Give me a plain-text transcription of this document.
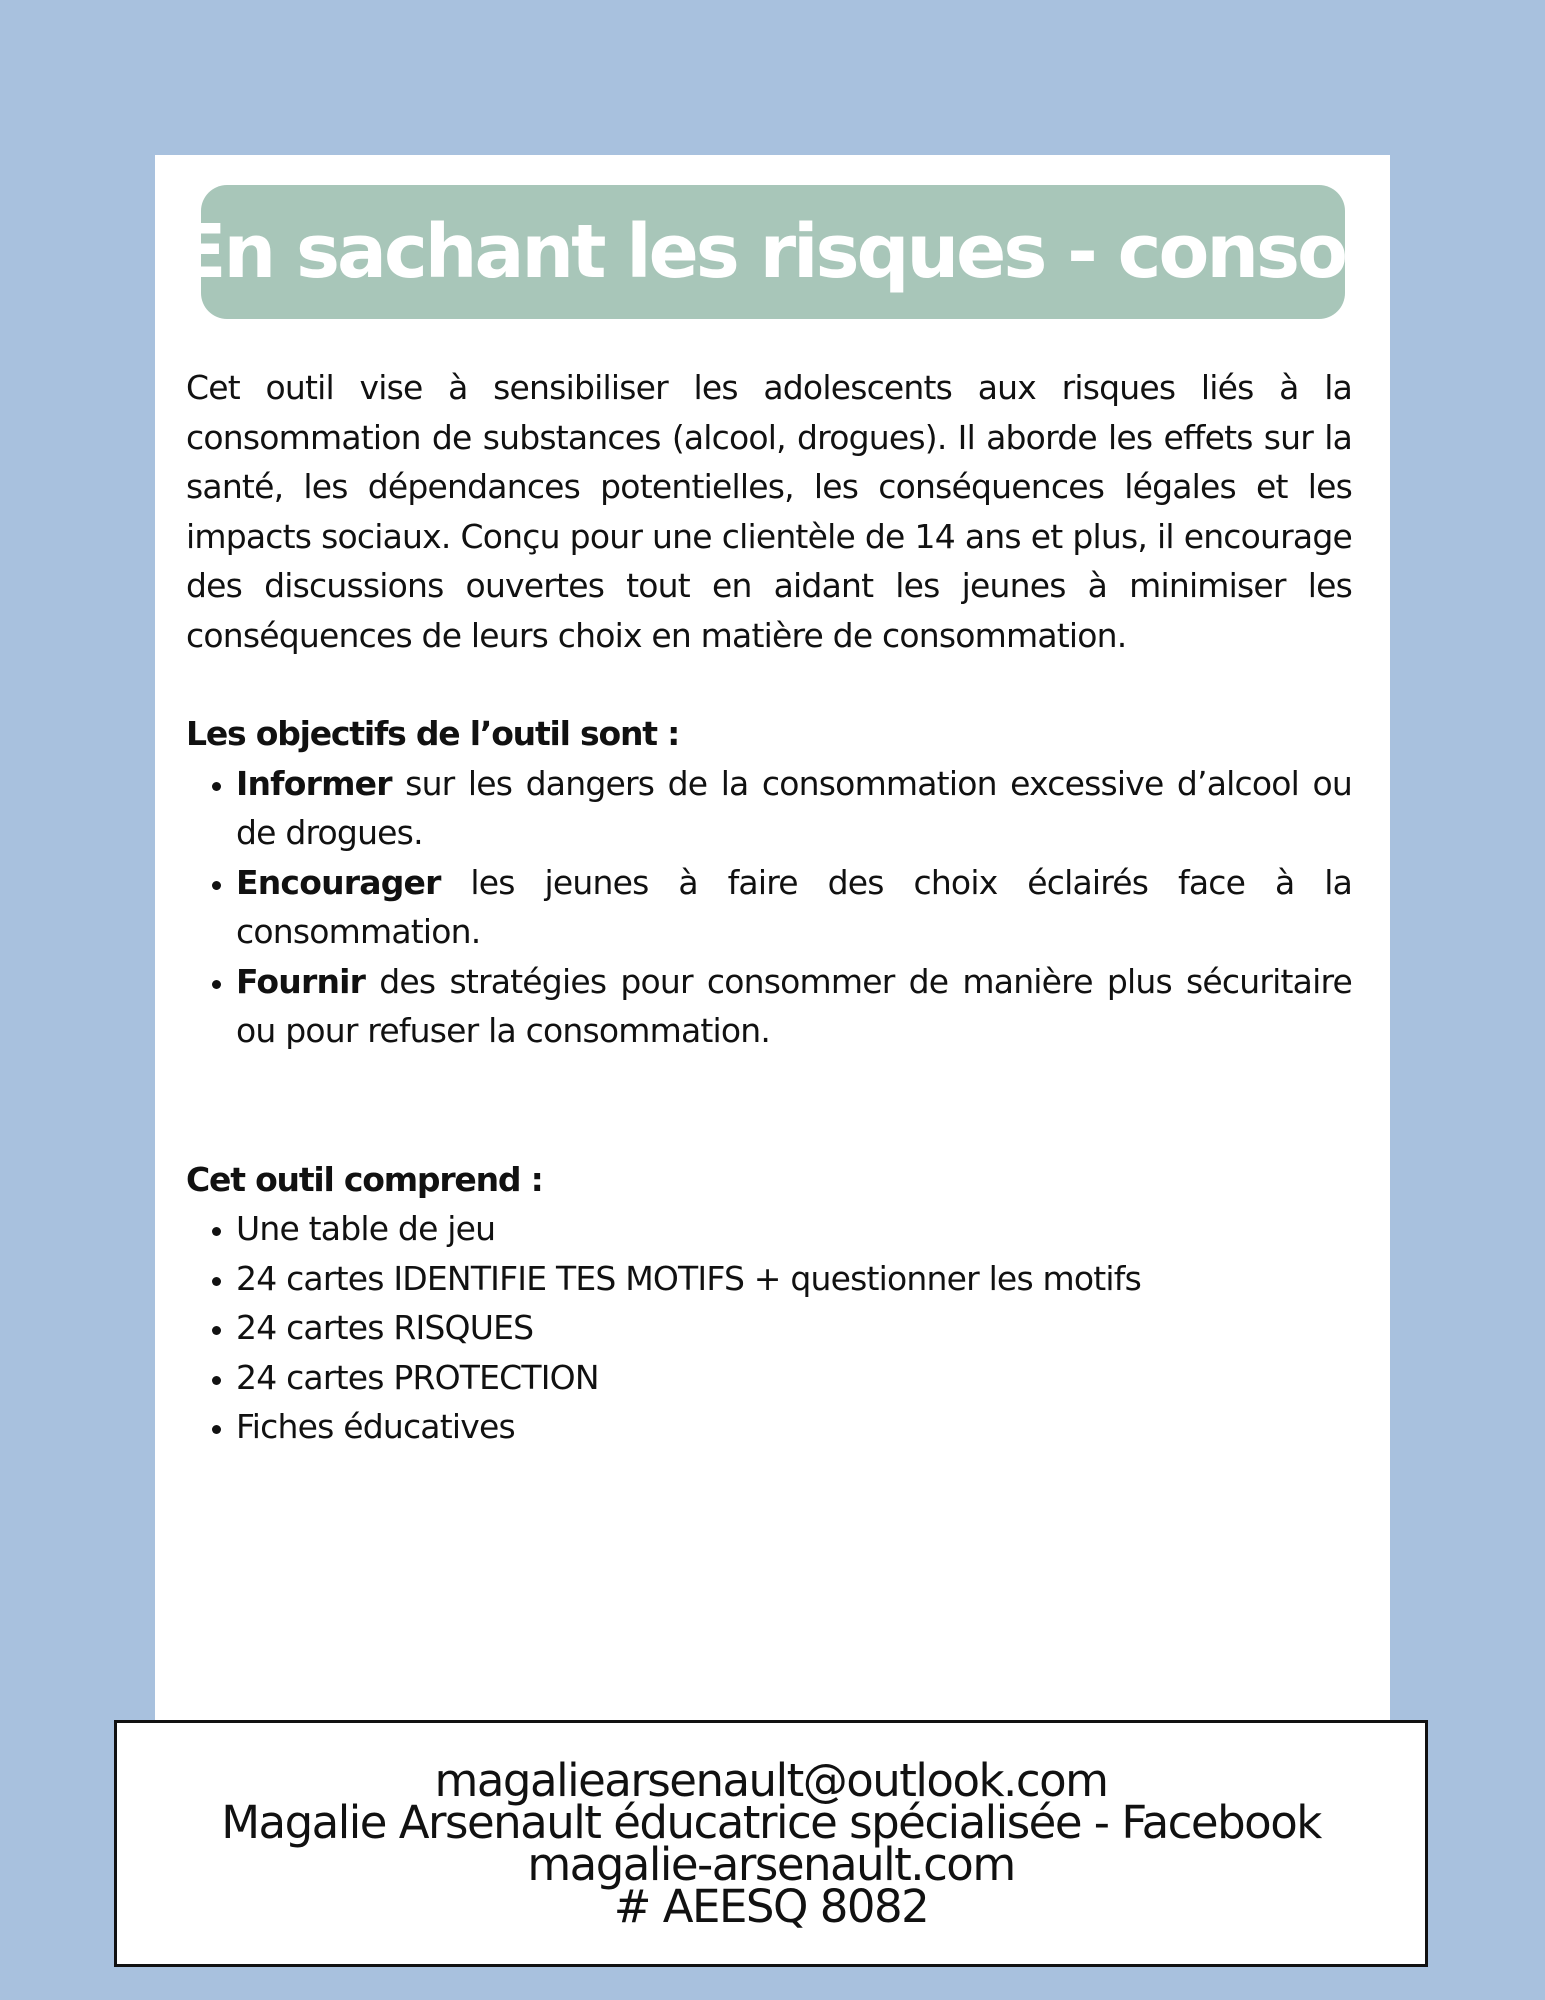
En sachant les risques - conso.

Cet outil vise à sensibiliser les adolescents aux risques liés à la consommation de substances (alcool, drogues). Il aborde les effets sur la santé, les dépendances potentielles, les conséquences légales et les impacts sociaux. Conçu pour une clientèle de 14 ans et plus, il encourage des discussions ouvertes tout en aidant les jeunes à minimiser les conséquences de leurs choix en matière de consommation.

Les objectifs de l’outil sont :
• Informer sur les dangers de la consommation excessive d’alcool ou de drogues.
• Encourager les jeunes à faire des choix éclairés face à la consommation.
• Fournir des stratégies pour consommer de manière plus sécuritaire ou pour refuser la consommation.
Cet outil comprend :
• Une table de jeu
• 24 cartes IDENTIFIE TES MOTIFS + questionner les motifs
• 24 cartes RISQUES
• 24 cartes PROTECTION
• Fiches éducatives
magaliearsenault@outlook.com
Magalie Arsenault éducatrice spécialisée - Facebook
magalie-arsenault.com
# AEESQ 8082
